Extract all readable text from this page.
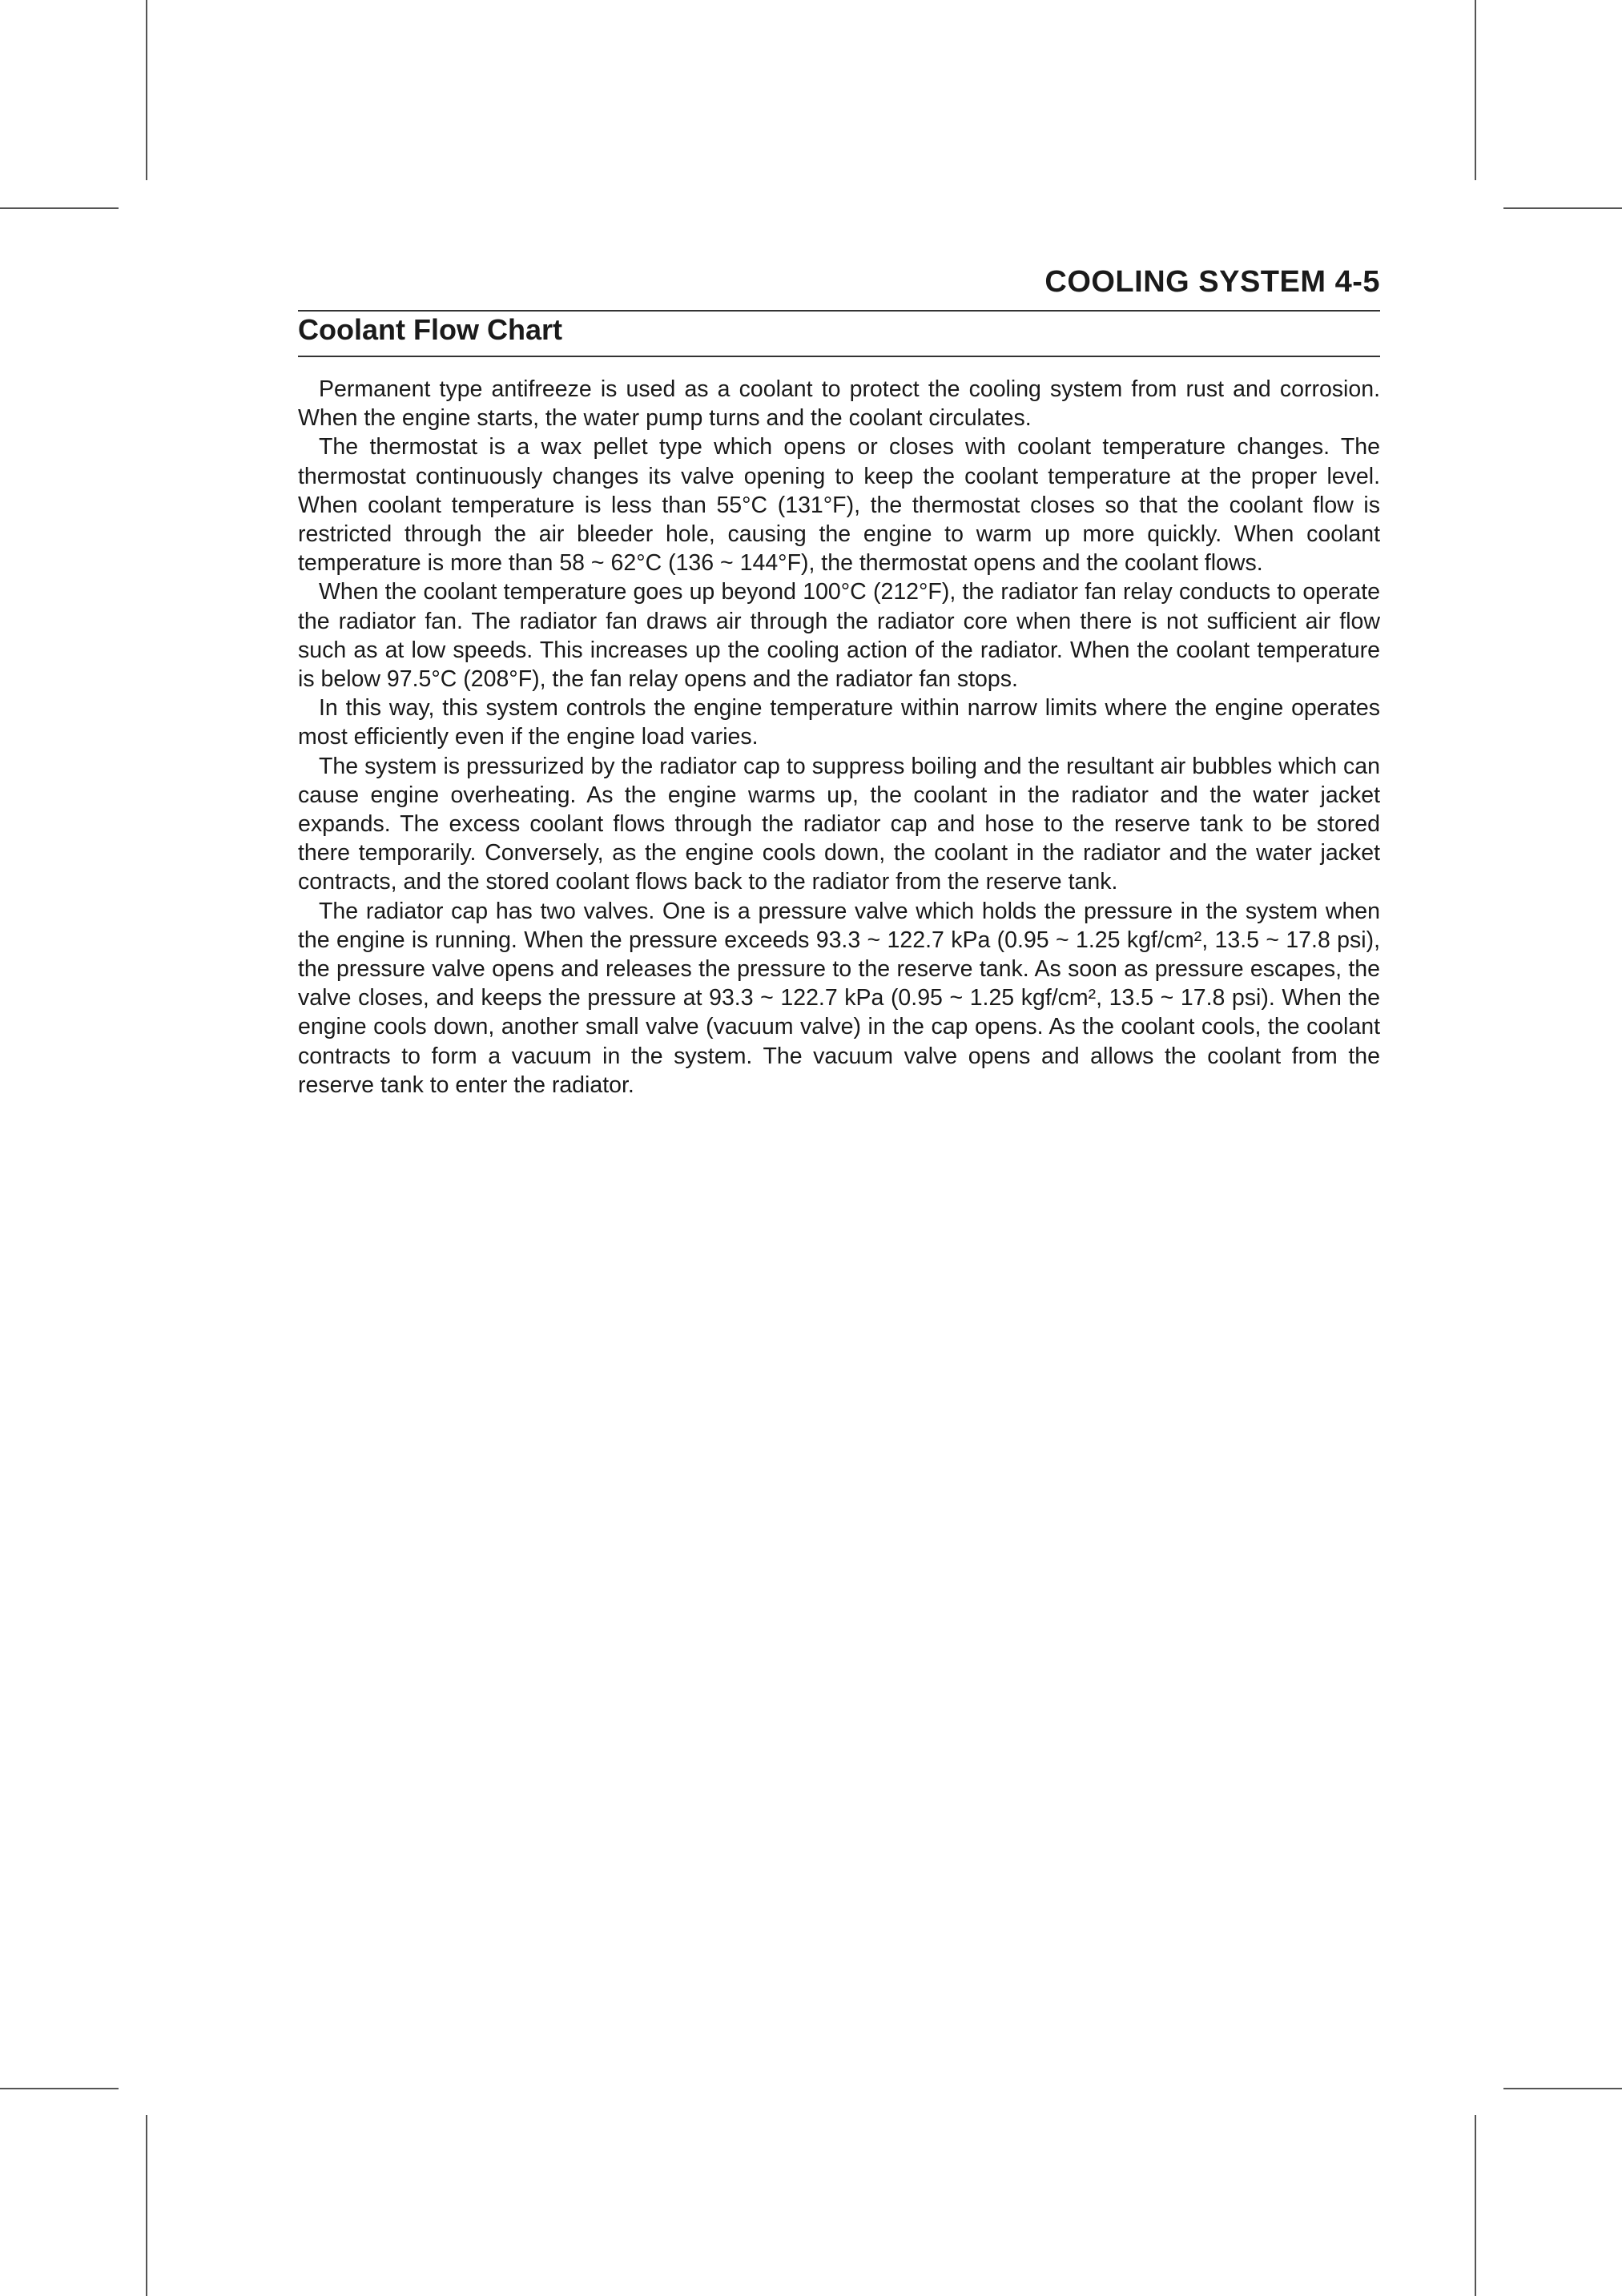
COOLING SYSTEM 4-5
Coolant Flow Chart

Permanent type antifreeze is used as a coolant to protect the cooling system from rust and corrosion. When the engine starts, the water pump turns and the coolant circulates.

The thermostat is a wax pellet type which opens or closes with coolant temperature changes. The thermostat continuously changes its valve opening to keep the coolant temperature at the proper level. When coolant temperature is less than 55°C (131°F), the thermostat closes so that the coolant flow is restricted through the air bleeder hole, causing the engine to warm up more quickly. When coolant temperature is more than 58 ~ 62°C (136 ~ 144°F), the thermostat opens and the coolant flows.

When the coolant temperature goes up beyond 100°C (212°F), the radiator fan relay conducts to operate the radiator fan. The radiator fan draws air through the radiator core when there is not sufficient air flow such as at low speeds. This increases up the cooling action of the radiator. When the coolant temperature is below 97.5°C (208°F), the fan relay opens and the radiator fan stops.

In this way, this system controls the engine temperature within narrow limits where the engine operates most efficiently even if the engine load varies.

The system is pressurized by the radiator cap to suppress boiling and the resultant air bubbles which can cause engine overheating. As the engine warms up, the coolant in the radiator and the water jacket expands. The excess coolant flows through the radiator cap and hose to the reserve tank to be stored there temporarily. Conversely, as the engine cools down, the coolant in the radiator and the water jacket contracts, and the stored coolant flows back to the radiator from the reserve tank.

The radiator cap has two valves. One is a pressure valve which holds the pressure in the system when the engine is running. When the pressure exceeds 93.3 ~ 122.7 kPa (0.95 ~ 1.25 kgf/cm², 13.5 ~ 17.8 psi), the pressure valve opens and releases the pressure to the reserve tank. As soon as pressure escapes, the valve closes, and keeps the pressure at 93.3 ~ 122.7 kPa (0.95 ~ 1.25 kgf/cm², 13.5 ~ 17.8 psi). When the engine cools down, another small valve (vacuum valve) in the cap opens. As the coolant cools, the coolant contracts to form a vacuum in the system. The vacuum valve opens and allows the coolant from the reserve tank to enter the radiator.
